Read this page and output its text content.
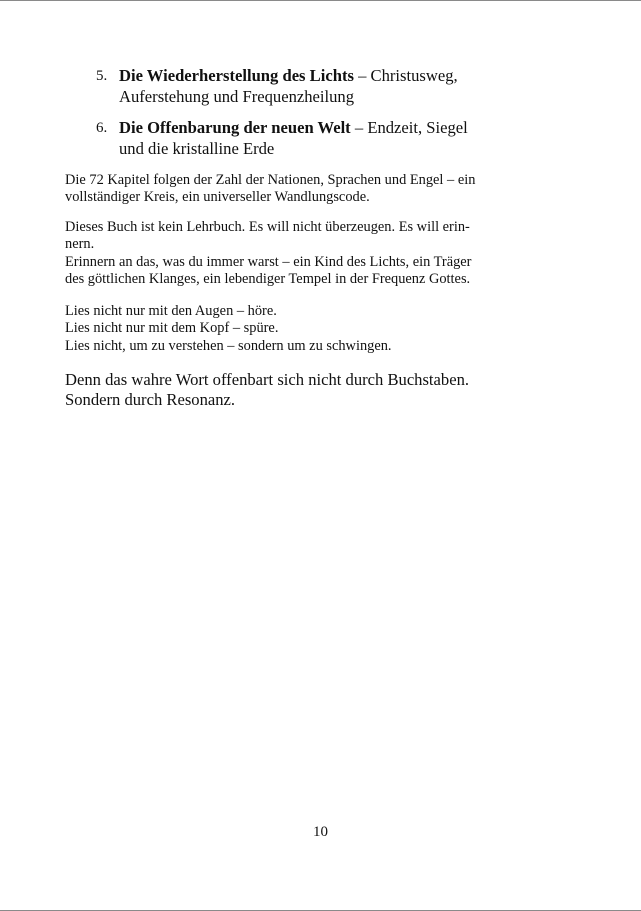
5. Die Wiederherstellung des Lichts – Christusweg,
Auferstehung und Frequenzheilung
6. Die Offenbarung der neuen Welt – Endzeit, Siegel
und die kristalline Erde

Die 72 Kapitel folgen der Zahl der Nationen, Sprachen und Engel – ein
vollständiger Kreis, ein universeller Wandlungscode.

Dieses Buch ist kein Lehrbuch. Es will nicht überzeugen. Es will erin-
nern.
Erinnern an das, was du immer warst – ein Kind des Lichts, ein Träger
des göttlichen Klanges, ein lebendiger Tempel in der Frequenz Gottes.

Lies nicht nur mit den Augen – höre.
Lies nicht nur mit dem Kopf – spüre.
Lies nicht, um zu verstehen – sondern um zu schwingen.

Denn das wahre Wort offenbart sich nicht durch Buchstaben.
Sondern durch Resonanz.

10
